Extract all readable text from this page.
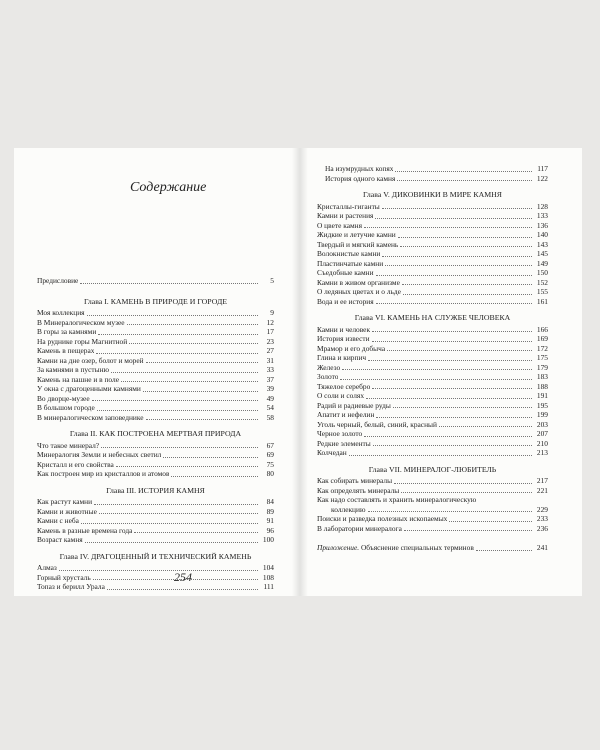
Содержание
254
Предисловие	5
Глава I. КАМЕНЬ В ПРИРОДЕ И ГОРОДЕ
Моя коллекция	9
В Минералогическом музее	12
В горы за камнями	17
На руднике горы Магнитной	23
Камень в пещерах	27
Камни на дне озер, болот и морей	31
За камнями в пустыню	33
Камень на пашне и в поле	37
У окна с драгоценными камнями	39
Во дворце-музее	49
В большом городе	54
В минералогическом заповеднике	58
Глава II. КАК ПОСТРОЕНА МЕРТВАЯ ПРИРОДА
Что такое минерал?	67
Минералогия Земли и небесных светил	69
Кристалл и его свойства	75
Как построен мир из кристаллов и атомов	80
Глава III. ИСТОРИЯ КАМНЯ
Как растут камни	84
Камни и животные	89
Камни с неба	91
Камень в разные времена года	96
Возраст камня	100
Глава IV. ДРАГОЦЕННЫЙ И ТЕХНИЧЕСКИЙ КАМЕНЬ
Алмаз	104
Горный хрусталь	108
Топаз и берилл Урала	111
На изумрудных копях	117
История одного камня	122
Глава V. ДИКОВИНКИ В МИРЕ КАМНЯ
Кристаллы-гиганты	128
Камни и растения	133
О цвете камня	136
Жидкие и летучие камни	140
Твердый и мягкий камень	143
Волокнистые камни	145
Пластинчатые камни	149
Съедобные камни	150
Камни в живом организме	152
О ледяных цветах и о льде	155
Вода и ее история	161
Глава VI. КАМЕНЬ НА СЛУЖБЕ ЧЕЛОВЕКА
Камни и человек	166
История извести	169
Мрамор и его добыча	172
Глина и кирпич	175
Железо	179
Золото	183
Тяжелое серебро	188
О соли и солях	191
Радий и радиевые руды	195
Апатит и нефелин	199
Уголь черный, белый, синий, красный	203
Черное золото	207
Редкие элементы	210
Колчедан	213
Глава VII. МИНЕРАЛОГ-ЛЮБИТЕЛЬ
Как собирать минералы	217
Как определять минералы	221
Как надо составлять и хранить минералогическую
коллекцию	229
Поиски и разведка полезных ископаемых	233
В лаборатории минералога	236
Приложение. Объяснение специальных терминов	241
